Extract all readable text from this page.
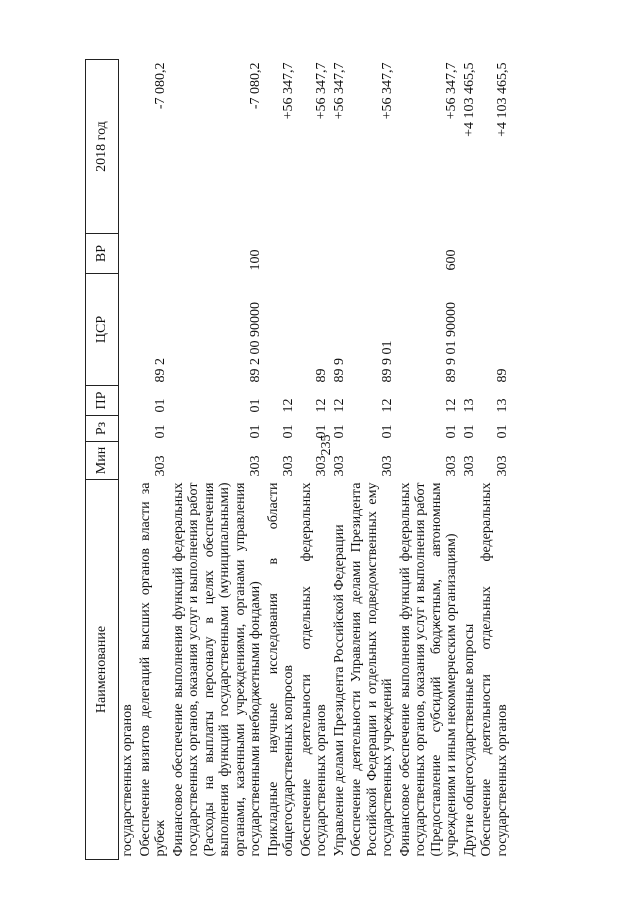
235
Наименование	Мин	Рз	ПР	ЦСР	ВР	2018 год
государственных органов						
Обеспечение визитов делегаций высших органов власти за рубеж	303	01	01	89 2		-7 080,2
Финансовое обеспечение выполнения функций федеральных государственных органов, оказания услуг и выполнения работ (Расходы на выплаты персоналу в целях обеспечения выполнения функций государственными (муниципальными) органами, казенными учреждениями, органами управления государственными внебюджетными фондами)	303	01	01	89 2 00 90000	100	-7 080,2
Прикладные научные исследования в области общегосударственных вопросов	303	01	12			+56 347,7
Обеспечение деятельности отдельных федеральных государственных органов	303	01	12	89		+56 347,7
Управление делами Президента Российской Федерации	303	01	12	89 9		+56 347,7
Обеспечение деятельности Управления делами Президента Российской Федерации и отдельных подведомственных ему государственных учреждений	303	01	12	89 9 01		+56 347,7
Финансовое обеспечение выполнения функций федеральных государственных органов, оказания услуг и выполнения работ (Предоставление субсидий бюджетным, автономным учреждениям и иным некоммерческим организациям)	303	01	12	89 9 01 90000	600	+56 347,7
Другие общегосударственные вопросы	303	01	13			+4 103 465,5
Обеспечение деятельности отдельных федеральных государственных органов	303	01	13	89		+4 103 465,5
